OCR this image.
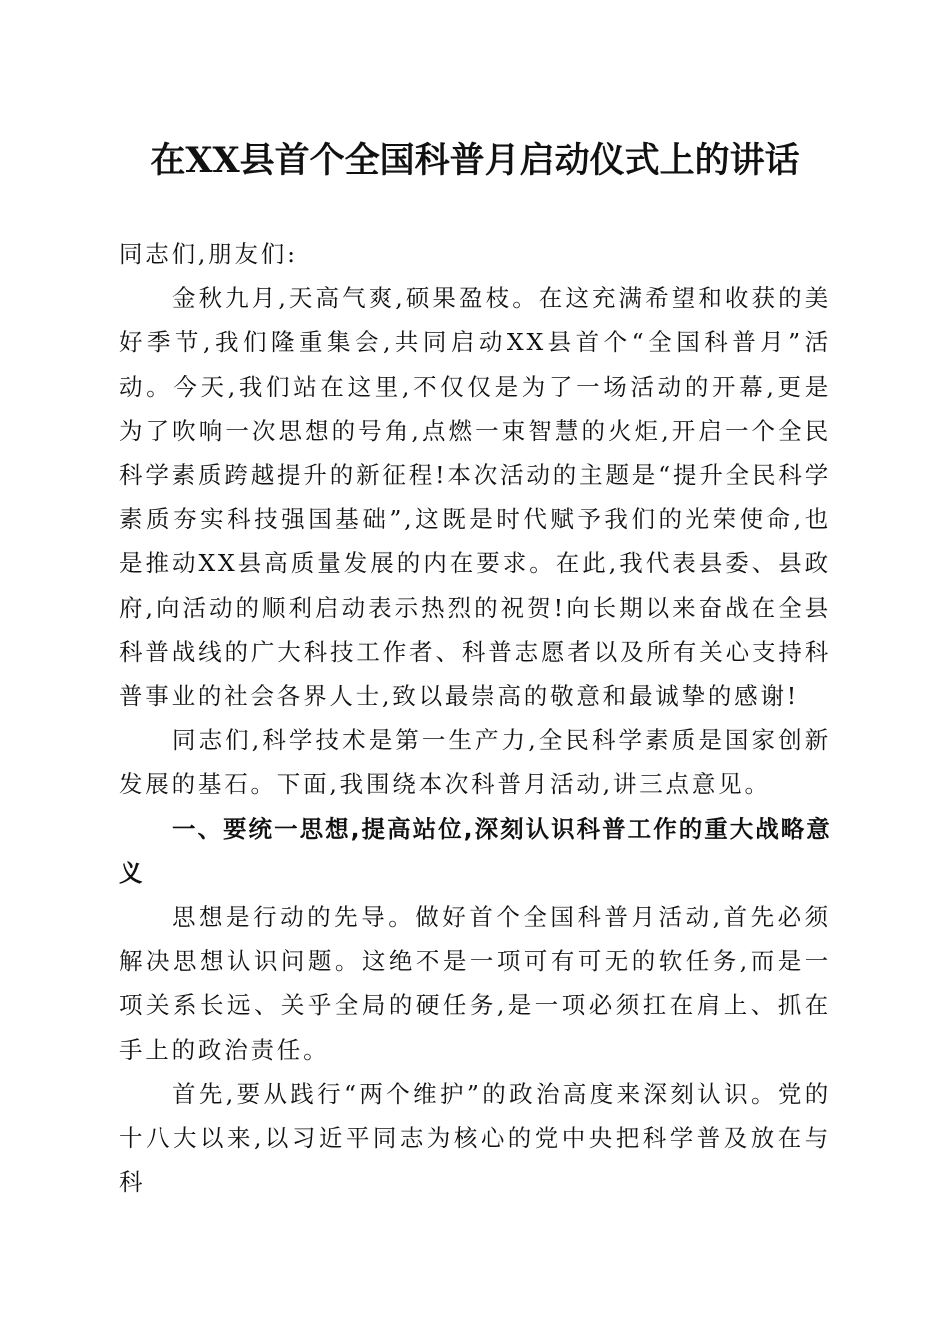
在XX县首个全国科普月启动仪式上的讲话

同志们,朋友们:

金秋九月,天高气爽,硕果盈枝。在这充满希望和收获的美好季节,我们隆重集会,共同启动XX县首个“全国科普月”活动。今天,我们站在这里,不仅仅是为了一场活动的开幕,更是为了吹响一次思想的号角,点燃一束智慧的火炬,开启一个全民科学素质跨越提升的新征程!本次活动的主题是“提升全民科学素质夯实科技强国基础”,这既是时代赋予我们的光荣使命,也是推动XX县高质量发展的内在要求。在此,我代表县委、县政府,向活动的顺利启动表示热烈的祝贺!向长期以来奋战在全县科普战线的广大科技工作者、科普志愿者以及所有关心支持科普事业的社会各界人士,致以最崇高的敬意和最诚挚的感谢!

同志们,科学技术是第一生产力,全民科学素质是国家创新发展的基石。下面,我围绕本次科普月活动,讲三点意见。

一、要统一思想,提高站位,深刻认识科普工作的重大战略意义

思想是行动的先导。做好首个全国科普月活动,首先必须解决思想认识问题。这绝不是一项可有可无的软任务,而是一项关系长远、关乎全局的硬任务,是一项必须扛在肩上、抓在手上的政治责任。

首先,要从践行“两个维护”的政治高度来深刻认识。党的十八大以来,以习近平同志为核心的党中央把科学普及放在与科
